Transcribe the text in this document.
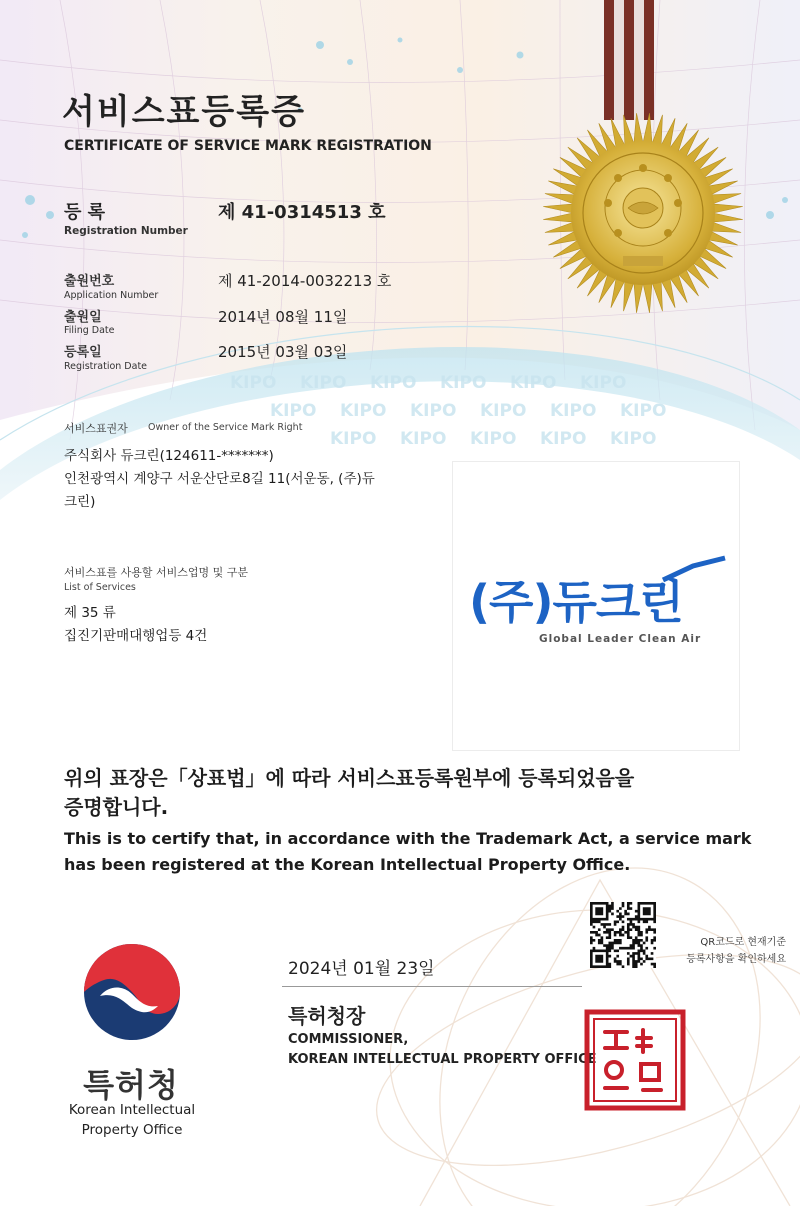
KIPO KIPO KIPO KIPO KIPO KIPO
KIPO KIPO KIPO KIPO KIPO KIPO
KIPO KIPO KIPO KIPO KIPO
서비스표등록증
CERTIFICATE OF SERVICE MARK REGISTRATION
등 록
Registration Number
제 41-0314513 호
출원번호
Application Number
제 41-2014-0032213 호
출원일
Filing Date
2014년 08월 11일
등록일
Registration Date
2015년 03월 03일
서비스표권자 Owner of the Service Mark Right
주식회사 듀크린(124611-*******)
인천광역시 계양구 서운산단로8길 11(서운동, (주)듀
크린)
서비스표를 사용할 서비스업명 및 구분
List of Services
제 35 류
집진기판매대행업등 4건
(주)듀크린
Global Leader Clean Air
위의 표장은「상표법」에 따라 서비스표등록원부에 등록되었음을
증명합니다.
This is to certify that, in accordance with the Trademark Act, a service mark
has been registered at the Korean Intellectual Property Office.
QR코드로 현재기준
등록사항을 확인하세요
2024년 01월 23일
특허청장
COMMISSIONER,
KOREAN INTELLECTUAL PROPERTY OFFICE
특허청
Korean Intellectual
Property Office
